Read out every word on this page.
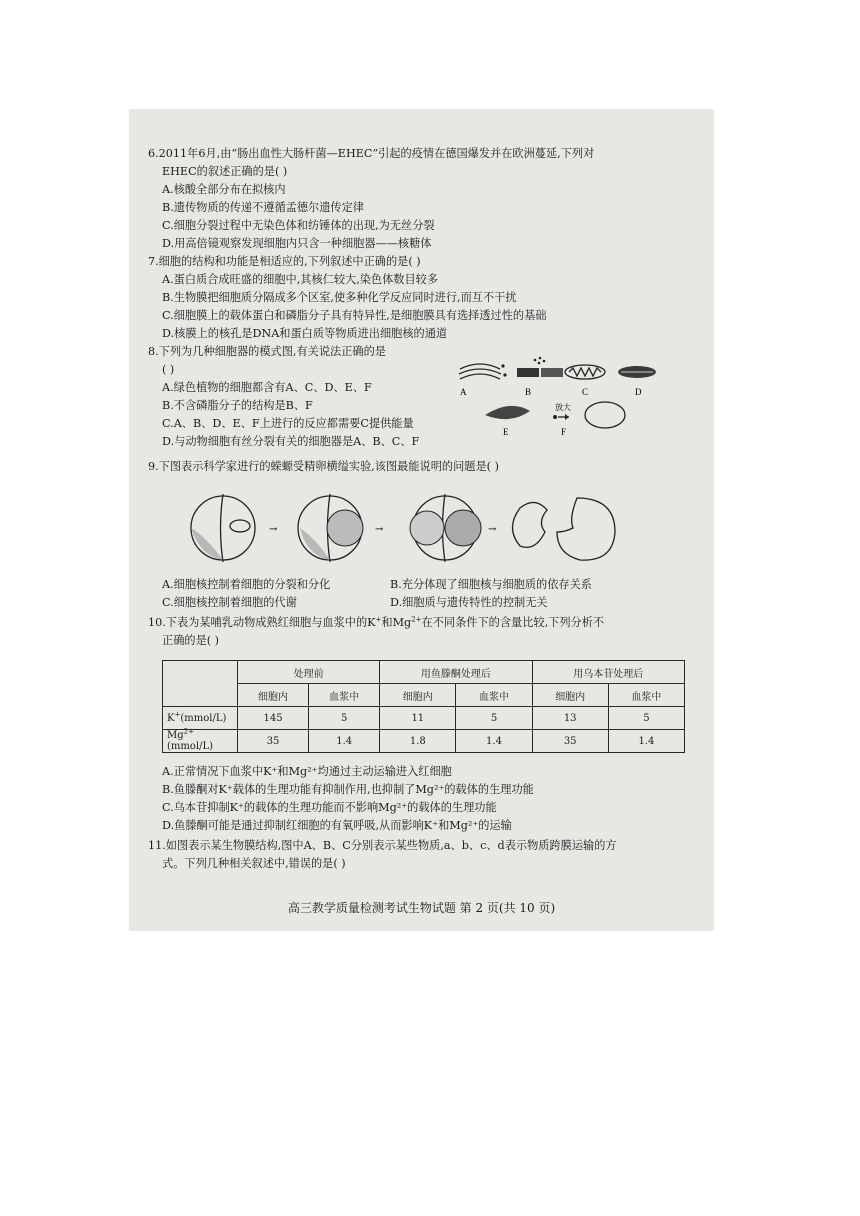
6.2011年6月,由“肠出血性大肠杆菌—EHEC”引起的疫情在德国爆发并在欧洲蔓延,下列对
EHEC的叙述正确的是( )
A.核酸全部分布在拟核内
B.遗传物质的传递不遵循孟德尔遗传定律
C.细胞分裂过程中无染色体和纺锤体的出现,为无丝分裂
D.用高倍镜观察发现细胞内只含一种细胞器——核糖体
7.细胞的结构和功能是相适应的,下列叙述中正确的是( )
A.蛋白质合成旺盛的细胞中,其核仁较大,染色体数目较多
B.生物膜把细胞质分隔成多个区室,使多种化学反应同时进行,而互不干扰
C.细胞膜上的载体蛋白和磷脂分子具有特异性,是细胞膜具有选择透过性的基础
D.核膜上的核孔是DNA和蛋白质等物质进出细胞核的通道
8.下列为几种细胞器的模式图,有关说法正确的是
( )
A.绿色植物的细胞都含有A、C、D、E、F
B.不含磷脂分子的结构是B、F
C.A、B、D、E、F上进行的反应都需要C提供能量
D.与动物细胞有丝分裂有关的细胞器是A、B、C、F
A	B	C	D
E	F
放大
9.下图表示科学家进行的蝾螈受精卵横缢实验,该图最能说明的问题是( )
→	→	→
A.细胞核控制着细胞的分裂和分化	B.充分体现了细胞核与细胞质的依存关系
C.细胞核控制着细胞的代谢	D.细胞质与遗传特性的控制无关
10.下表为某哺乳动物成熟红细胞与血浆中的K+和$Mg^{2+}$在不同条件下的含量比较,下列分析不
正确的是( )
	处理前		用鱼滕酮处理后		用乌本苷处理后	
	细胞内	血浆中	细胞内	血浆中	细胞内	血浆中
K+(mmol/L)	145	5	11	5	13	5
$Mg^{2+}(mmol/L)$	35	1.4	1.8	1.4	35	1.4
A.正常情况下血浆中K⁺和Mg²⁺均通过主动运输进入红细胞
B.鱼滕酮对K⁺载体的生理功能有抑制作用,也抑制了Mg²⁺的载体的生理功能
C.乌本苷抑制K⁺的载体的生理功能而不影响Mg²⁺的载体的生理功能
D.鱼滕酮可能是通过抑制红细胞的有氧呼吸,从而影响K⁺和Mg²⁺的运输
11.如图表示某生物膜结构,图中A、B、C分别表示某些物质,a、b、c、d表示物质跨膜运输的方
式。下列几种相关叙述中,错误的是( )
高三教学质量检测考试生物试题 第 2 页(共 10 页)
